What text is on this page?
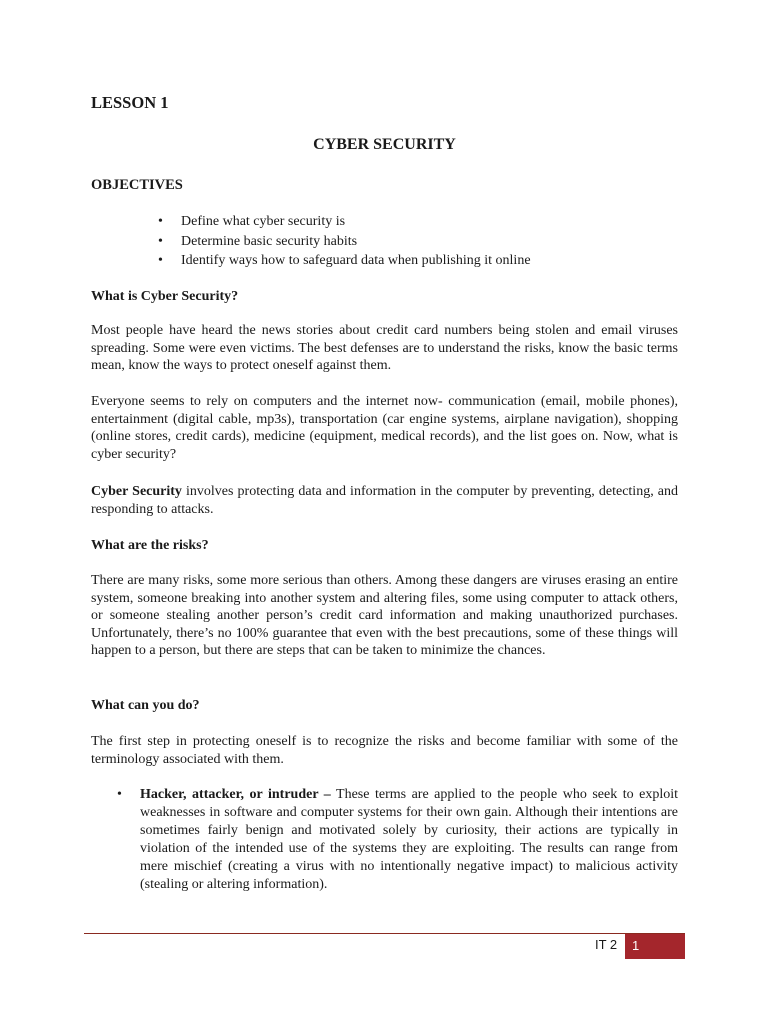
LESSON 1
CYBER SECURITY
OBJECTIVES
• Define what cyber security is
• Determine basic security habits
• Identify ways how to safeguard data when publishing it online
What is Cyber Security?

Most people have heard the news stories about credit card numbers being stolen and email viruses spreading. Some were even victims. The best defenses are to understand the risks, know the basic terms mean, know the ways to protect oneself against them.

Everyone seems to rely on computers and the internet now- communication (email, mobile phones), entertainment (digital cable, mp3s), transportation (car engine systems, airplane navigation), shopping (online stores, credit cards), medicine (equipment, medical records), and the list goes on. Now, what is cyber security?

Cyber Security involves protecting data and information in the computer by preventing, detecting, and responding to attacks.

What are the risks?

There are many risks, some more serious than others. Among these dangers are viruses erasing an entire system, someone breaking into another system and altering files, some using computer to attack others, or someone stealing another person’s credit card information and making unauthorized purchases. Unfortunately, there’s no 100% guarantee that even with the best precautions, some of these things will happen to a person, but there are steps that can be taken to minimize the chances.

What can you do?

The first step in protecting oneself is to recognize the risks and become familiar with some of the terminology associated with them.

• Hacker, attacker, or intruder – These terms are applied to the people who seek to exploit weaknesses in software and computer systems for their own gain. Although their intentions are sometimes fairly benign and motivated solely by curiosity, their actions are typically in violation of the intended use of the systems they are exploiting. The results can range from mere mischief (creating a virus with no intentionally negative impact) to malicious activity (stealing or altering information).
IT 2	1
